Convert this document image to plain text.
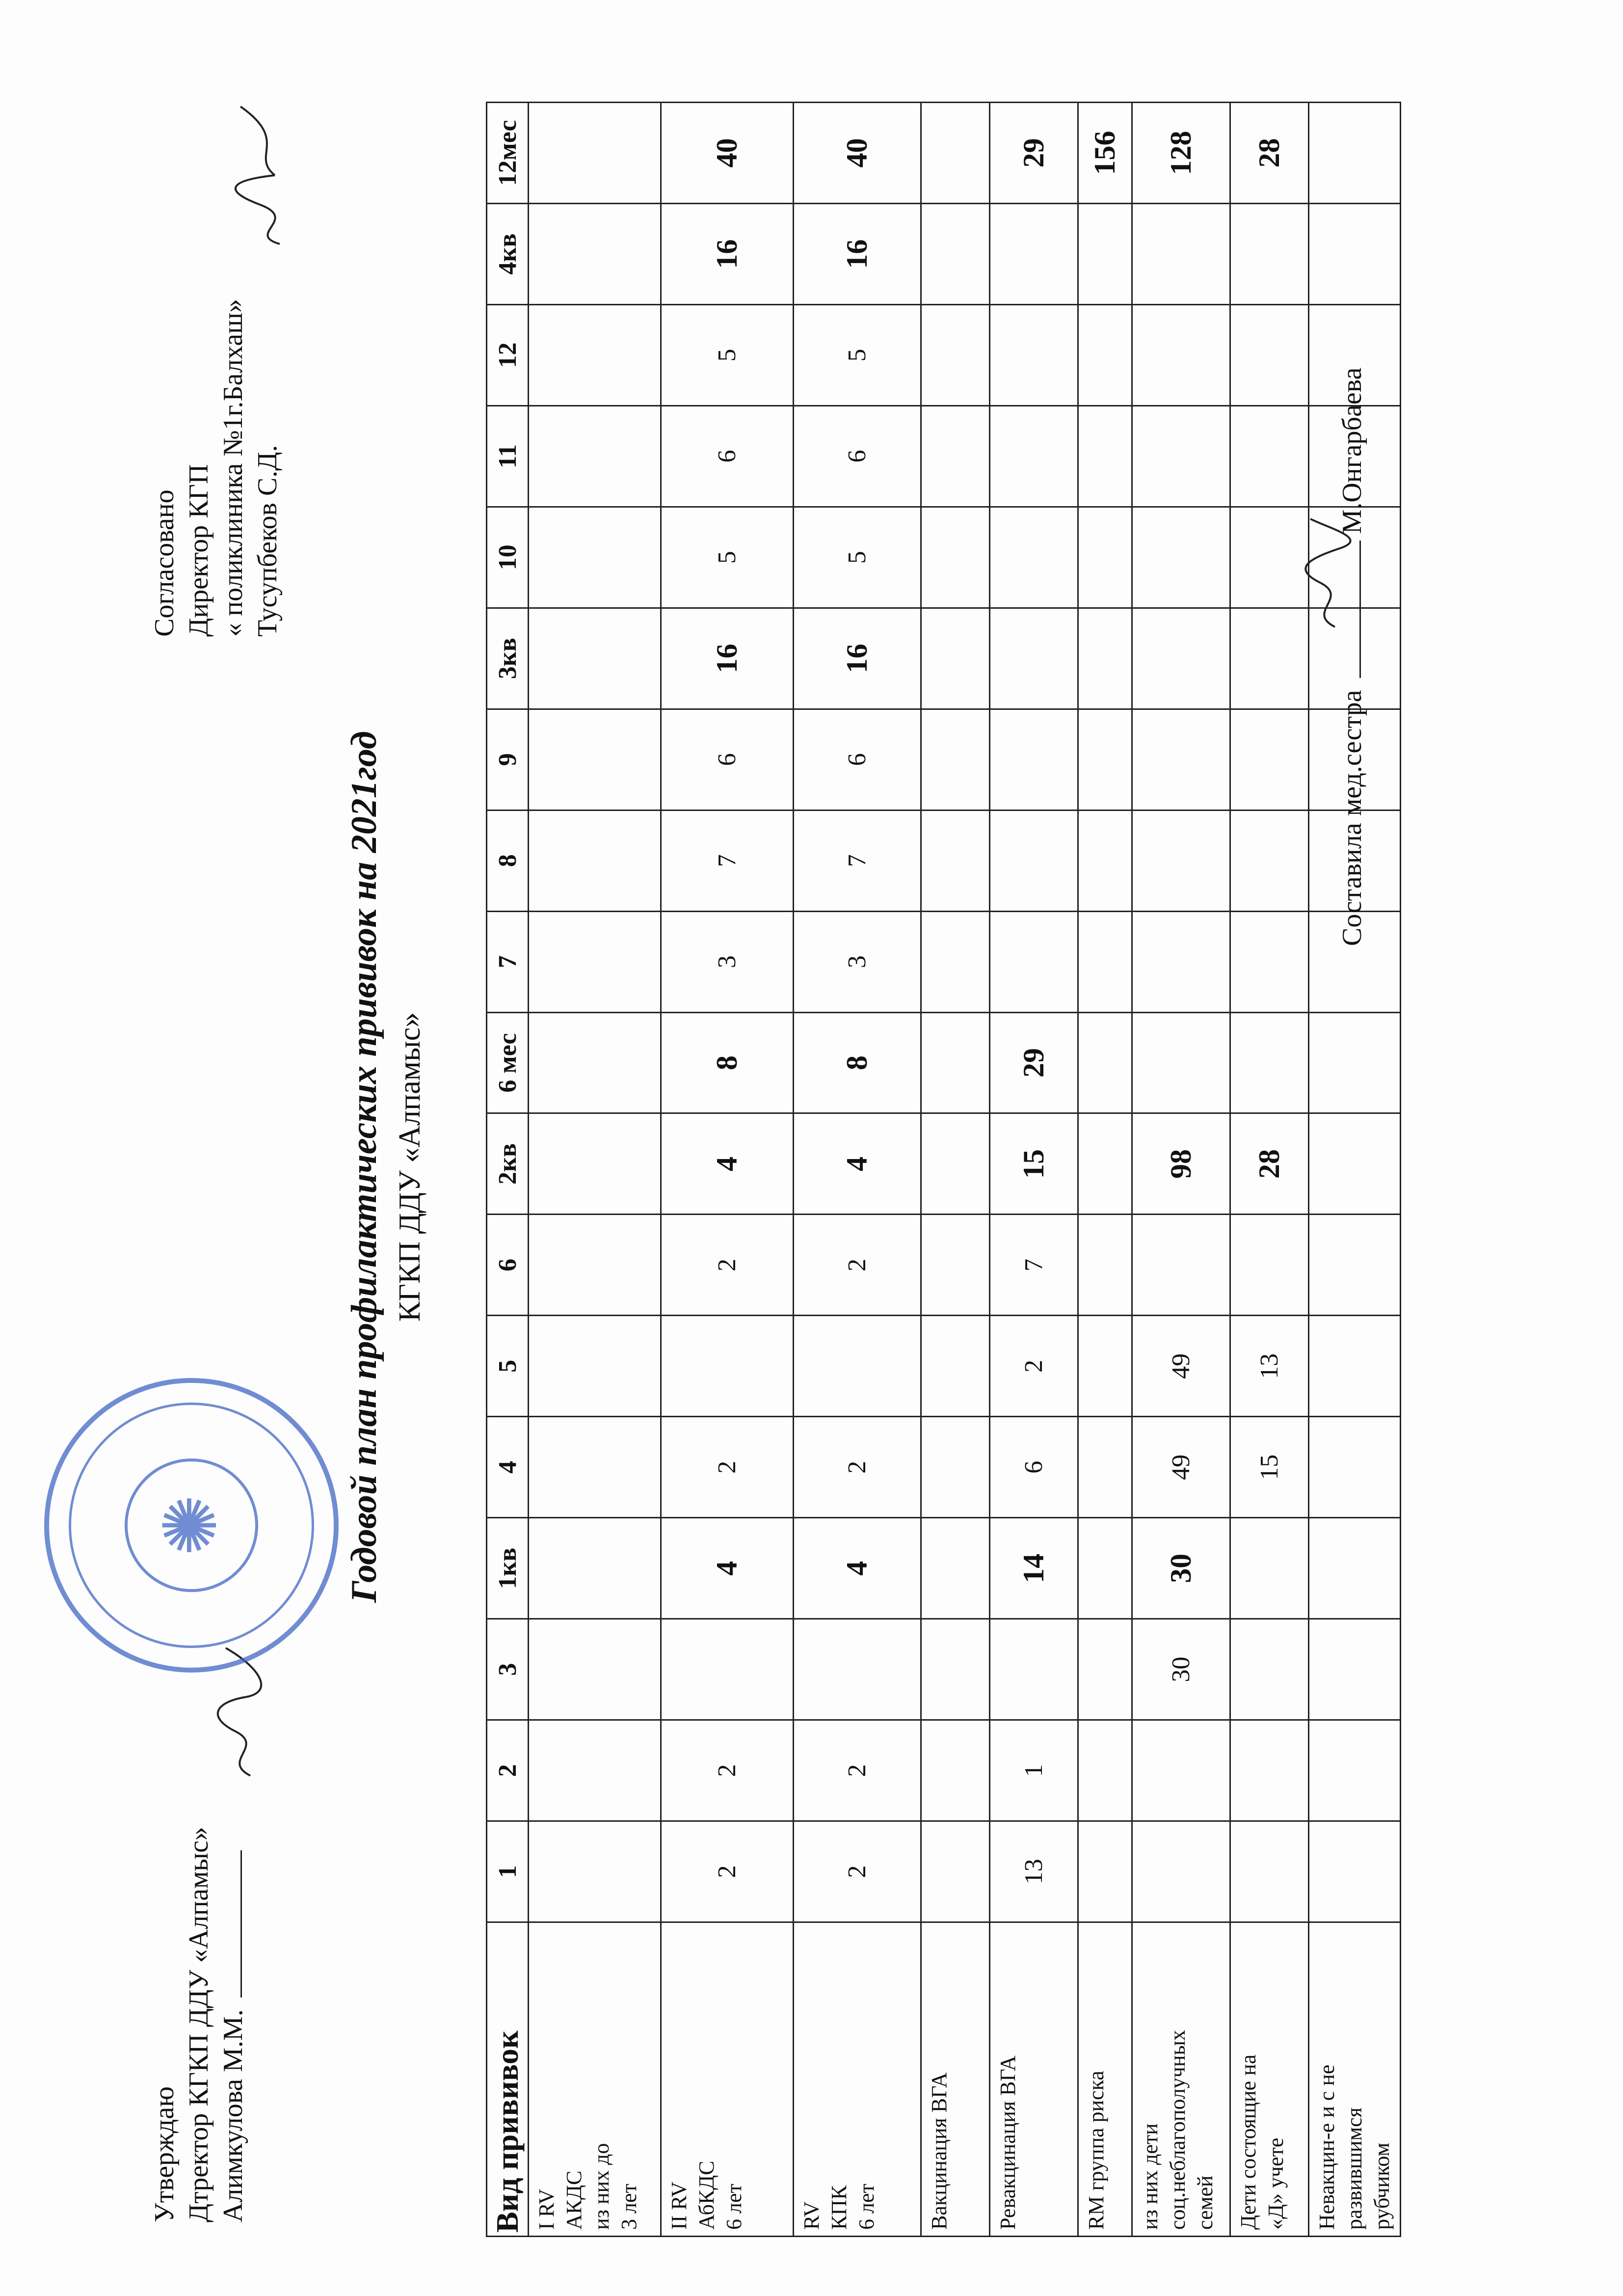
Утверждаю Дтректор КГКП ДДУ «Алпамыс» Алимкулова М.М.
✺
Согласовано Директор КГП « поликлиника №1г.Балхаш» Тусупбеков С.Д.
Годовой план профилактических прививок на 2021год КГКП ДДУ «Алпамыс»
Вид прививок	1	2	3	1кв	4	5	6	2кв	6 мес	7	8	9	3кв	10	11	12	4кв	12мес
I RV
АКДС
из них до
3 лет																		
II RV
АбКДС
6 лет	2	2		4	2		2	4	8	3	7	6	16	5	6	5	16	40
RV
КПК
6 лет	2	2		4	2		2	4	8	3	7	6	16	5	6	5	16	40
Вакцинация ВГА																		
Ревакцинация ВГА	13	1		14	6	2	7	15	29									29
RM группа риска																		156
из них дети
соц.неблагополучных
семей			30	30	49	49		98										128
Дети состоящие на
«Д» учете					15	13		28										28
Невакцин-е и с не
развившимся
рубчиком																		
Составила мед.сестра  М.Онгарбаева
